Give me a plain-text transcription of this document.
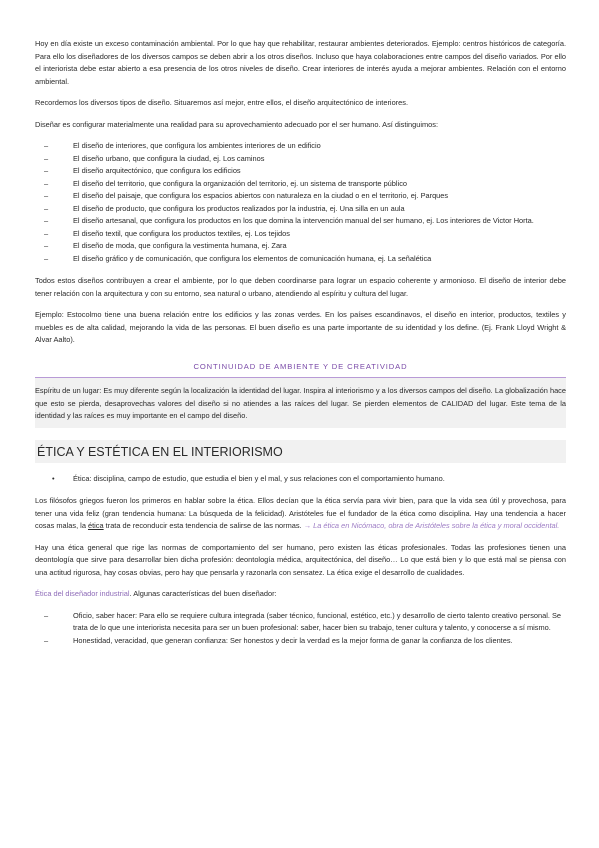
Hoy en día existe un exceso contaminación ambiental. Por lo que hay que rehabilitar, restaurar ambientes deteriorados. Ejemplo: centros históricos de categoría. Para ello los diseñadores de los diversos campos se deben abrir a los otros diseños. Incluso que haya colaboraciones entre campos del diseño variados. Por ello el interiorista debe estar abierto a esa presencia de los otros niveles de diseño. Crear interiores de interés ayuda a mejorar ambientes. Relación con el entorno ambiental.

Recordemos los diversos tipos de diseño. Situaremos así mejor, entre ellos, el diseño arquitectónico de interiores.

Diseñar es configurar materialmente una realidad para su aprovechamiento adecuado por el ser humano. Así distinguimos:

–	El diseño de interiores, que configura los ambientes interiores de un edificio
–	El diseño urbano, que configura la ciudad, ej. Los caminos
–	El diseño arquitectónico, que configura los edificios
–	El diseño del territorio, que configura la organización del territorio, ej. un sistema de transporte público
–	El diseño del paisaje, que configura los espacios abiertos con naturaleza en la ciudad o en el territorio, ej. Parques
–	El diseño de producto, que configura los productos realizados por la industria, ej. Una silla en un aula
–	El diseño artesanal, que configura los productos en los que domina la intervención manual del ser humano, ej. Los interiores de Victor Horta.
–	El diseño textil, que configura los productos textiles, ej. Los tejidos
–	El diseño de moda, que configura la vestimenta humana, ej. Zara
–	El diseño gráfico y de comunicación, que configura los elementos de comunicación humana, ej. La señalética

Todos estos diseños contribuyen a crear el ambiente, por lo que deben coordinarse para lograr un espacio coherente y armonioso. El diseño de interior debe tener relación con la arquitectura y con su entorno, sea natural o urbano, atendiendo al espíritu y cultura del lugar.

Ejemplo: Estocolmo tiene una buena relación entre los edificios y las zonas verdes. En los países escandinavos, el diseño en interior, productos, textiles y muebles es de alta calidad, mejorando la vida de las personas. El buen diseño es una parte importante de su identidad y los define. (Ej. Frank Lloyd Wright & Alvar Aalto).

CONTINUIDAD DE AMBIENTE Y DE CREATIVIDAD

Espíritu de un lugar: Es muy diferente según la localización la identidad del lugar. Inspira al interiorismo y a los diversos campos del diseño. La globalización hace que esto se pierda, desaprovechas valores del diseño si no atiendes a las raíces del lugar. Se pierden elementos de CALIDAD del lugar. Este tema de la identidad y las raíces es muy importante en el campo del diseño.

ÉTICA Y ESTÉTICA EN EL INTERIORISMO
• Ética: disciplina, campo de estudio, que estudia el bien y el mal, y sus relaciones con el comportamiento humano.

Los filósofos griegos fueron los primeros en hablar sobre la ética. Ellos decían que la ética servía para vivir bien, para que la vida sea útil y provechosa, para tener una vida feliz (gran tendencia humana: La búsqueda de la felicidad). Aristóteles fue el fundador de la ética como disciplina. Hay una tendencia a hacer cosas malas, la ética trata de reconducir esta tendencia de salirse de las normas. → La ética en Nicómaco, obra de Aristóteles sobre la ética y moral occidental.

Hay una ética general que rige las normas de comportamiento del ser humano, pero existen las éticas profesionales. Todas las profesiones tienen una deontología que sirve para desarrollar bien dicha profesión: deontología médica, arquitectónica, del diseño… Lo que está bien y lo que está mal se piensa con una actitud rigurosa, hay cosas obvias, pero hay que pensarla y razonarla con sensatez. La ética exige el desarrollo de cualidades.

Ética del diseñador industrial. Algunas características del buen diseñador:

–	Oficio, saber hacer: Para ello se requiere cultura integrada (saber técnico, funcional, estético, etc.) y desarrollo de cierto talento creativo personal. Se trata de lo que une interiorista necesita para ser un buen profesional: saber, hacer bien su trabajo, tener cultura y talento, y conocerse a sí mismo.
–	Honestidad, veracidad, que generan confianza: Ser honestos y decir la verdad es la mejor forma de ganar la confianza de los clientes.
